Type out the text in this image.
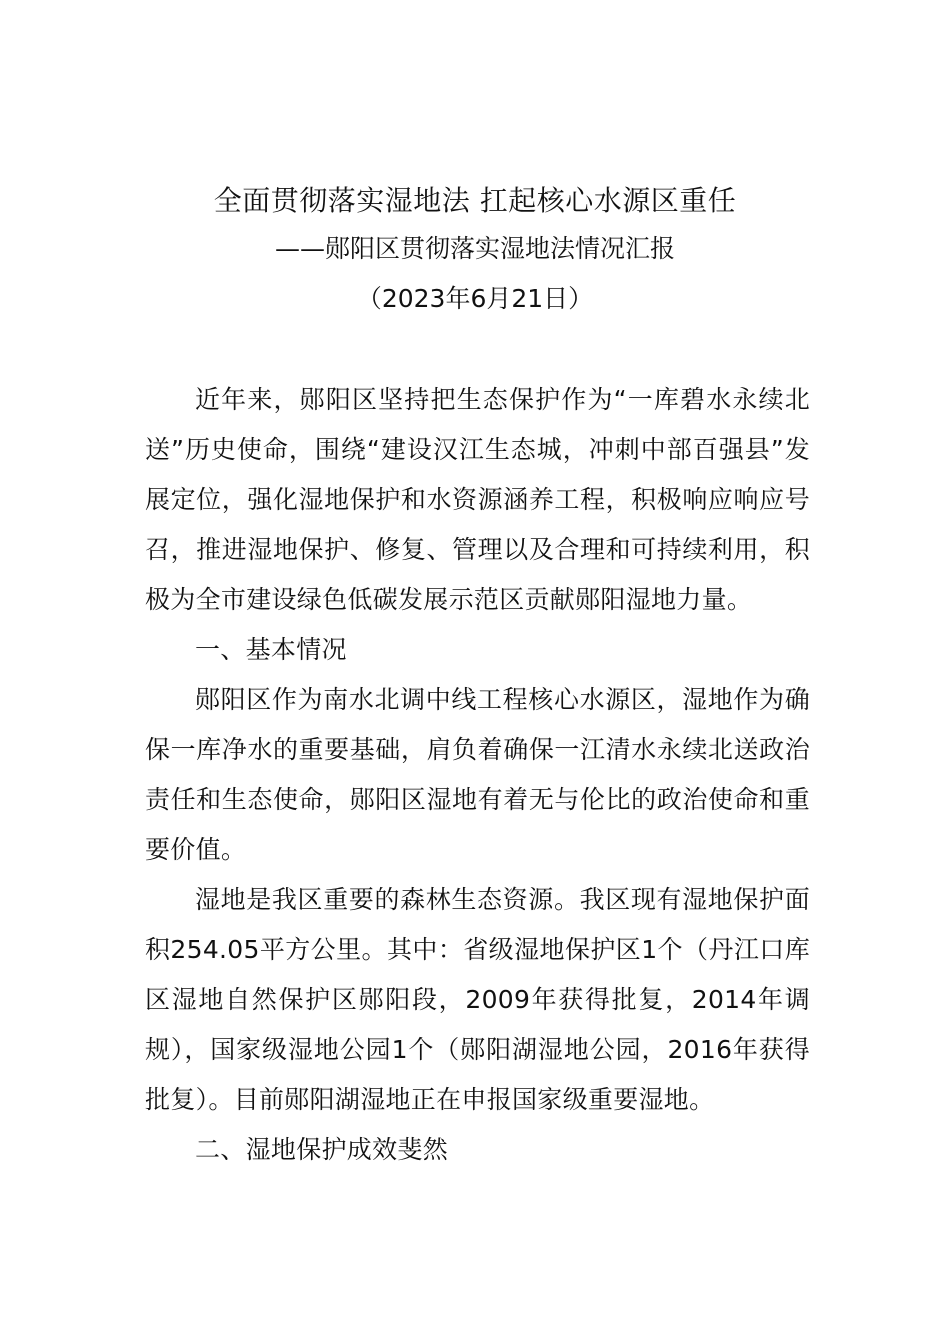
全面贯彻落实湿地法 扛起核心水源区重任
——郧阳区贯彻落实湿地法情况汇报
（2023年6月21日）

近年来，郧阳区坚持把生态保护作为“一库碧水永续北送”历史使命，围绕“建设汉江生态城，冲刺中部百强县”发展定位，强化湿地保护和水资源涵养工程，积极响应响应号召，推进湿地保护、修复、管理以及合理和可持续利用，积极为全市建设绿色低碳发展示范区贡献郧阳湿地力量。

一、基本情况

郧阳区作为南水北调中线工程核心水源区，湿地作为确保一库净水的重要基础，肩负着确保一江清水永续北送政治责任和生态使命，郧阳区湿地有着无与伦比的政治使命和重要价值。

湿地是我区重要的森林生态资源。我区现有湿地保护面积254.05平方公里。其中：省级湿地保护区1个（丹江口库区湿地自然保护区郧阳段，2009年获得批复，2014年调规），国家级湿地公园1个（郧阳湖湿地公园，2016年获得批复）。目前郧阳湖湿地正在申报国家级重要湿地。

二、湿地保护成效斐然
